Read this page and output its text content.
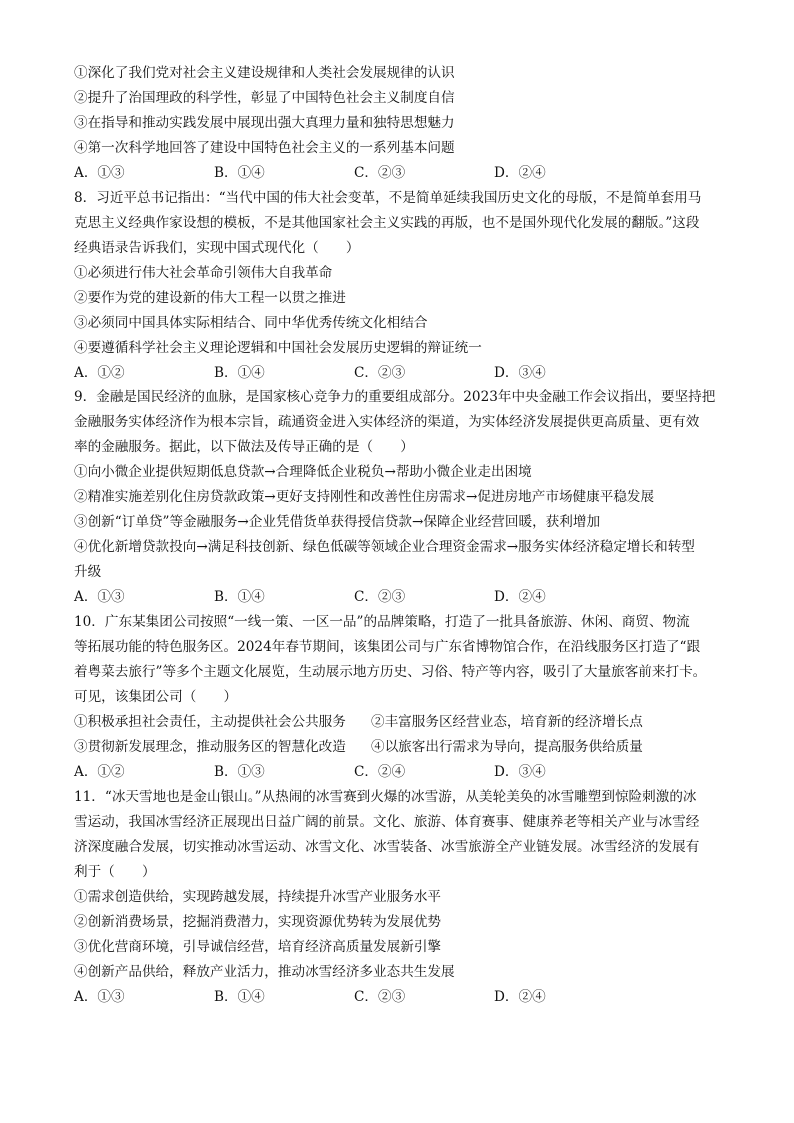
①深化了我们党对社会主义建设规律和人类社会发展规律的认识
②提升了治国理政的科学性，彰显了中国特色社会主义制度自信
③在指导和推动实践发展中展现出强大真理力量和独特思想魅力
④第一次科学地回答了建设中国特色社会主义的一系列基本问题
A．①③	B．①④	C．②③	D．②④
8．习近平总书记指出：“当代中国的伟大社会变革，不是简单延续我国历史文化的母版，不是简单套用马
克思主义经典作家设想的模板，不是其他国家社会主义实践的再版，也不是国外现代化发展的翻版。”这段
经典语录告诉我们，实现中国式现代化（　　）
①必须进行伟大社会革命引领伟大自我革命
②要作为党的建设新的伟大工程一以贯之推进
③必须同中国具体实际相结合、同中华优秀传统文化相结合
④要遵循科学社会主义理论逻辑和中国社会发展历史逻辑的辩证统一
A．①②	B．①④	C．②③	D．③④
9．金融是国民经济的血脉，是国家核心竞争力的重要组成部分。2023年中央金融工作会议指出，要坚持把
金融服务实体经济作为根本宗旨，疏通资金进入实体经济的渠道，为实体经济发展提供更高质量、更有效
率的金融服务。据此，以下做法及传导正确的是（　　）
①向小微企业提供短期低息贷款→合理降低企业税负→帮助小微企业走出困境
②精准实施差别化住房贷款政策→更好支持刚性和改善性住房需求→促进房地产市场健康平稳发展
③创新“订单贷”等金融服务→企业凭借货单获得授信贷款→保障企业经营回暖，获利增加
④优化新增贷款投向→满足科技创新、绿色低碳等领域企业合理资金需求→服务实体经济稳定增长和转型
升级
A．①③	B．①④	C．②③	D．②④
10．广东某集团公司按照“一线一策、一区一品”的品牌策略，打造了一批具备旅游、休闲、商贸、物流
等拓展功能的特色服务区。2024年春节期间，该集团公司与广东省博物馆合作，在沿线服务区打造了“跟
着粤菜去旅行”等多个主题文化展览，生动展示地方历史、习俗、特产等内容，吸引了大量旅客前来打卡。
可见，该集团公司（　　）
①积极承担社会责任，主动提供社会公共服务 ②丰富服务区经营业态，培育新的经济增长点
③贯彻新发展理念，推动服务区的智慧化改造 ④以旅客出行需求为导向，提高服务供给质量
A．①②	B．①③	C．②④	D．③④
11．“冰天雪地也是金山银山。”从热闹的冰雪赛到火爆的冰雪游，从美轮美奂的冰雪雕塑到惊险刺激的冰
雪运动，我国冰雪经济正展现出日益广阔的前景。文化、旅游、体育赛事、健康养老等相关产业与冰雪经
济深度融合发展，切实推动冰雪运动、冰雪文化、冰雪装备、冰雪旅游全产业链发展。冰雪经济的发展有
利于（　　）
①需求创造供给，实现跨越发展，持续提升冰雪产业服务水平
②创新消费场景，挖掘消费潜力，实现资源优势转为发展优势
③优化营商环境，引导诚信经营，培育经济高质量发展新引擎
④创新产品供给，释放产业活力，推动冰雪经济多业态共生发展
A．①③	B．①④	C．②③	D．②④
